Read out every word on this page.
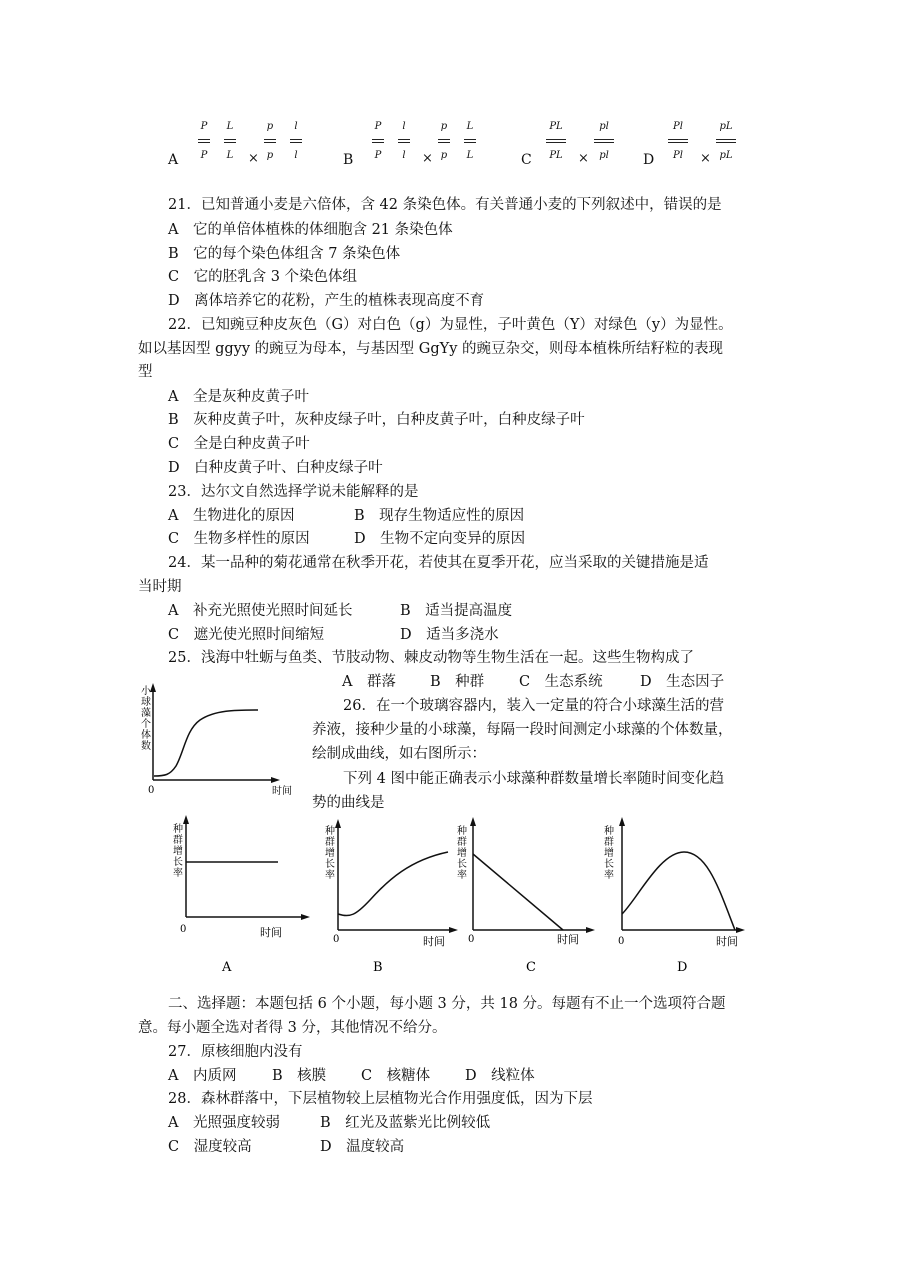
A	B	C	D
P
P
L
L ×
p
p
l
l
P
P
l
l	×
p
p
L
L
PL
PL ×
pl
pl
Pl
Pl	×
pL
pL
21．已知普通小麦是六倍体，含 42 条染色体。有关普通小麦的下列叙述中，错误的是
A　它的单倍体植株的体细胞含 21 条染色体
B　它的每个染色体组含 7 条染色体
C　它的胚乳含 3 个染色体组
D　离体培养它的花粉，产生的植株表现高度不育
22．已知豌豆种皮灰色（G）对白色（g）为显性，子叶黄色（Y）对绿色（y）为显性。
如以基因型 ggyy 的豌豆为母本，与基因型 GgYy 的豌豆杂交，则母本植株所结籽粒的表现
型
A　全是灰种皮黄子叶
B　灰种皮黄子叶，灰种皮绿子叶，白种皮黄子叶，白种皮绿子叶
C　全是白种皮黄子叶
D　白种皮黄子叶、白种皮绿子叶
23．达尔文自然选择学说未能解释的是
A　生物进化的原因	B　现存生物适应性的原因
C　生物多样性的原因	D　生物不定向变异的原因
24．某一品种的菊花通常在秋季开花，若使其在夏季开花，应当采取的关键措施是适
当时期
A　补充光照使光照时间延长	B　适当提高温度
C　遮光使光照时间缩短	D　适当多浇水
25．浅海中牡蛎与鱼类、节肢动物、棘皮动物等生物生活在一起。这些生物构成了
A　群落 B　种群 C　生态系统	D　生态因子
0	时间
小球藻个体数
26．在一个玻璃容器内，装入一定量的符合小球藻生活的营
养液，接种少量的小球藻，每隔一段时间测定小球藻的个体数量，
绘制成曲线，如右图所示：
下列 4 图中能正确表示小球藻种群数量增长率随时间变化趋
势的曲线是
0	时间
种群增长率
A
0	时间
种群增长率
B
0	时间
种群增长率
C
0	时间
种群增长率
D
二、选择题：本题包括 6 个小题，每小题 3 分，共 18 分。每题有不止一个选项符合题
意。每小题全选对者得 3 分，其他情况不给分。
27．原核细胞内没有
A　内质网 B　核膜 C　核糖体 D　线粒体
28．森林群落中，下层植物较上层植物光合作用强度低，因为下层
A　光照强度较弱	B　红光及蓝紫光比例较低
C　湿度较高	D　温度较高
